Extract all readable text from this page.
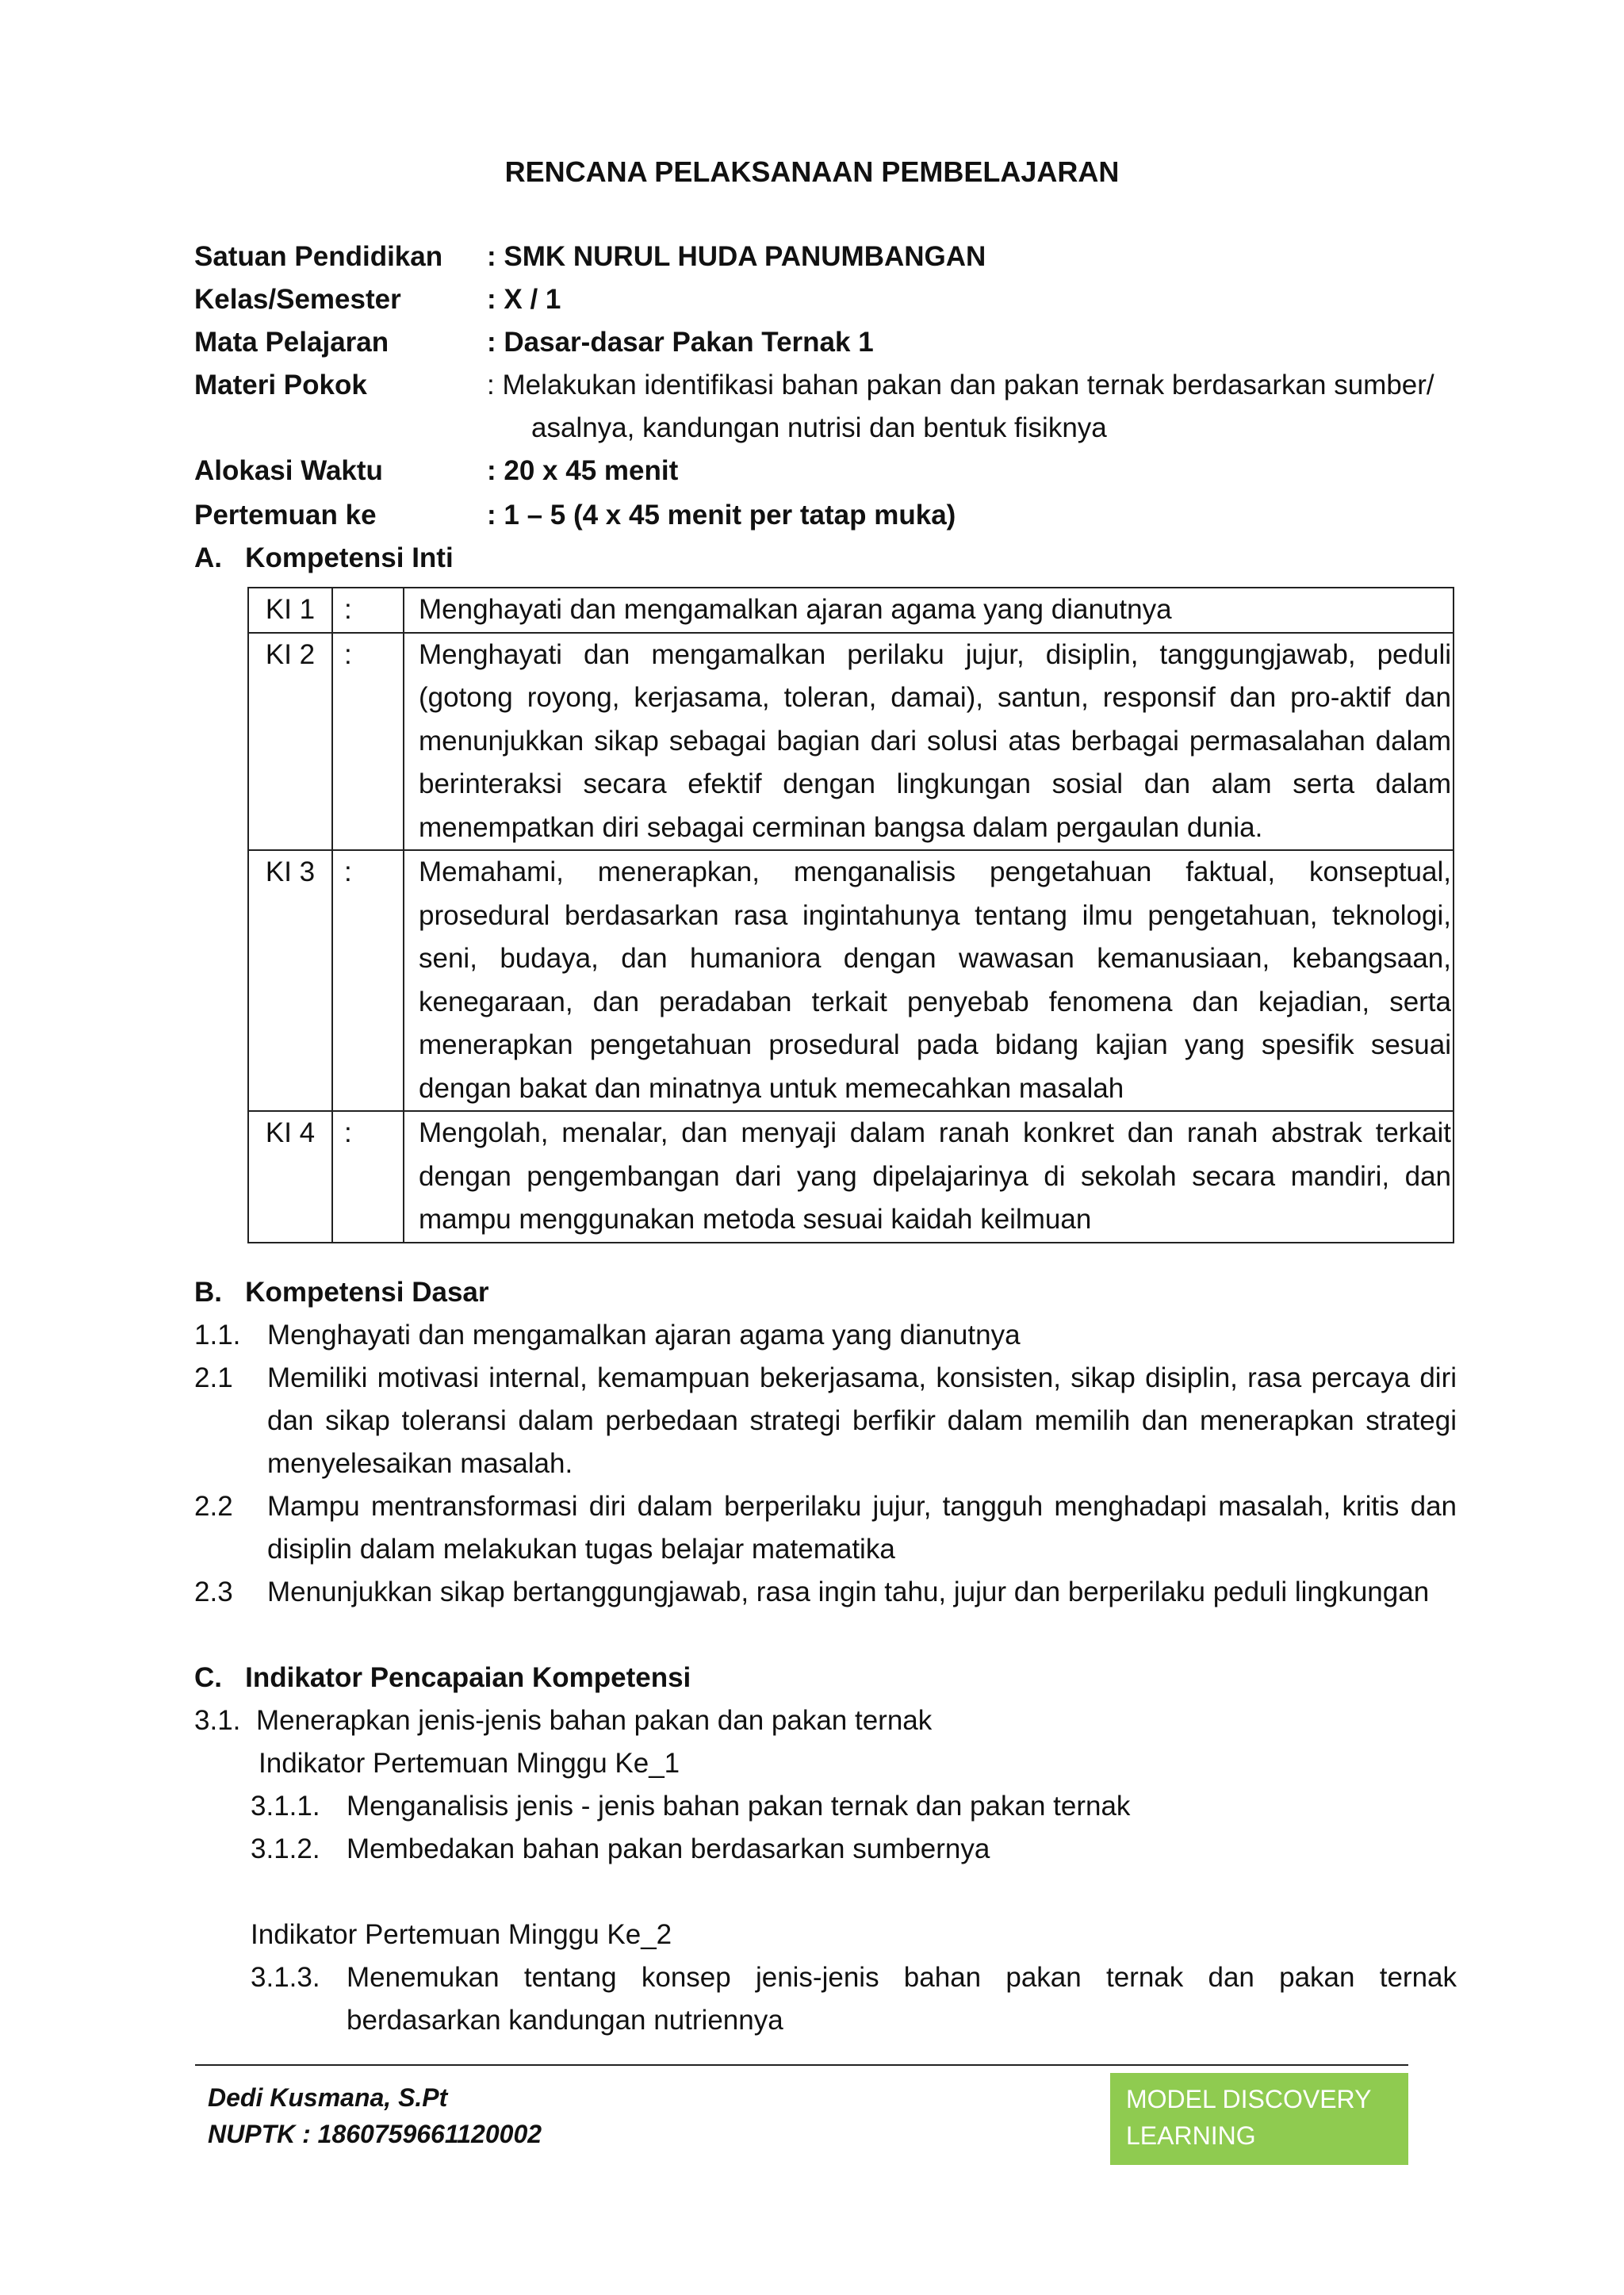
RENCANA PELAKSANAAN PEMBELAJARAN
Satuan Pendidikan : SMK NURUL HUDA PANUMBANGAN
Kelas/Semester	: X / 1
Mata Pelajaran	: Dasar-dasar Pakan Ternak 1
Materi Pokok	: Melakukan identifikasi bahan pakan dan pakan ternak berdasarkan sumber/
asalnya, kandungan nutrisi dan bentuk fisiknya
Alokasi Waktu	: 20 x 45 menit
Pertemuan ke	: 1 – 5 (4 x 45 menit per tatap muka)
A.   Kompetensi Inti
KI 1	:	Menghayati dan mengamalkan ajaran agama yang dianutnya
KI 2	:	Menghayati dan mengamalkan perilaku jujur, disiplin, tanggungjawab, peduli (gotong royong, kerjasama, toleran, damai), santun, responsif dan pro-aktif dan menunjukkan sikap sebagai bagian dari solusi atas berbagai permasalahan dalam berinteraksi secara efektif dengan lingkungan sosial dan alam serta dalam menempatkan diri sebagai cerminan bangsa dalam pergaulan dunia.
KI 3	:	Memahami, menerapkan, menganalisis pengetahuan faktual, konseptual, prosedural berdasarkan rasa ingintahunya tentang ilmu pengetahuan, teknologi, seni, budaya, dan humaniora dengan wawasan kemanusiaan, kebangsaan, kenegaraan, dan peradaban terkait penyebab fenomena dan kejadian, serta menerapkan pengetahuan prosedural pada bidang kajian yang spesifik sesuai dengan bakat dan minatnya untuk memecahkan masalah
KI 4	:	Mengolah, menalar, dan menyaji dalam ranah konkret dan ranah abstrak terkait dengan pengembangan dari yang dipelajarinya di sekolah secara mandiri, dan mampu menggunakan metoda sesuai kaidah keilmuan
B.   Kompetensi Dasar
1.1. Menghayati dan mengamalkan ajaran agama yang dianutnya
2.1 Memiliki motivasi internal, kemampuan bekerjasama, konsisten, sikap disiplin, rasa percaya diri dan sikap toleransi dalam perbedaan strategi berfikir dalam memilih dan menerapkan strategi menyelesaikan masalah.
2.2 Mampu mentransformasi diri dalam berperilaku jujur, tangguh menghadapi masalah, kritis dan disiplin dalam melakukan tugas belajar matematika
2.3 Menunjukkan sikap bertanggungjawab, rasa ingin tahu, jujur dan berperilaku peduli lingkungan
C.   Indikator Pencapaian Kompetensi
3.1. Menerapkan jenis-jenis bahan pakan dan pakan ternak
Indikator Pertemuan Minggu Ke_1
3.1.1. Menganalisis jenis - jenis bahan pakan ternak dan pakan ternak
3.1.2. Membedakan bahan pakan berdasarkan sumbernya
Indikator Pertemuan Minggu Ke_2
3.1.3. Menemukan tentang konsep jenis-jenis bahan pakan ternak dan pakan ternak berdasarkan kandungan nutriennya
Dedi Kusmana, S.Pt
NUPTK : 1860759661120002
MODEL DISCOVERY
LEARNING
